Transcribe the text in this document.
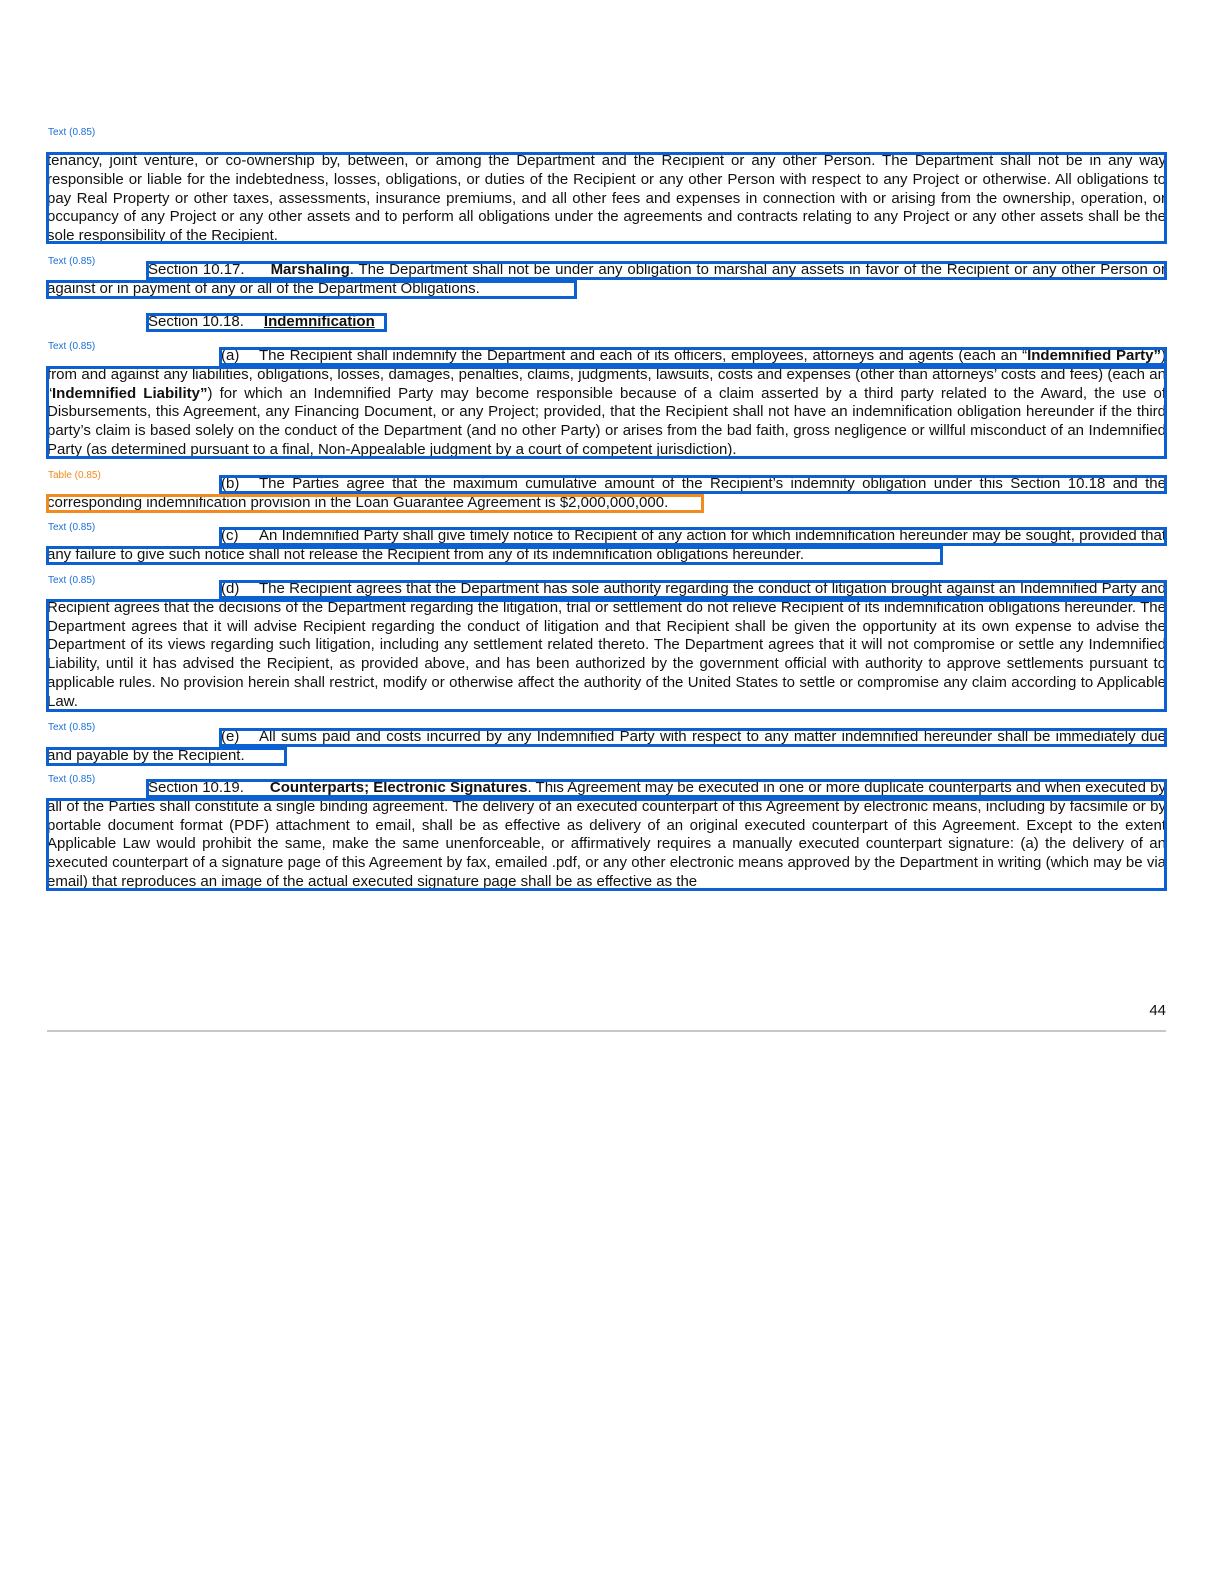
Text (0.85)

tenancy, joint venture, or co-ownership by, between, or among the Department and the Recipient or any other Person. The Department shall not be in any way responsible or liable for the indebtedness, losses, obligations, or duties of the Recipient or any other Person with respect to any Project or otherwise. All obligations to pay Real Property or other taxes, assessments, insurance premiums, and all other fees and expenses in connection with or arising from the ownership, operation, or occupancy of any Project or any other assets and to perform all obligations under the agreements and contracts relating to any Project or any other assets shall be the sole responsibility of the Recipient.

Text (0.85)	Section 10.17. Marshaling. The Department shall not be under any obligation to marshal any assets in favor of the Recipient or any other Person or against or in payment of any or all of the Department Obligations.

Section 10.18. Indemnification
Text (0.85)

(a) The Recipient shall indemnify the Department and each of its officers, employees, attorneys and agents (each an “Indemnified Party”) from and against any liabilities, obligations, losses, damages, penalties, claims, judgments, lawsuits, costs and expenses (other than attorneys’ costs and fees) (each an “Indemnified Liability”) for which an Indemnified Party may become responsible because of a claim asserted by a third party related to the Award, the use of Disbursements, this Agreement, any Financing Document, or any Project; provided, that the Recipient shall not have an indemnification obligation hereunder if the third party’s claim is based solely on the conduct of the Department (and no other Party) or arises from the bad faith, gross negligence or willful misconduct of an Indemnified Party (as determined pursuant to a final, Non-Appealable judgment by a court of competent jurisdiction).

Table (0.85)	(b) The Parties agree that the maximum cumulative amount of the Recipient’s indemnity obligation under this Section 10.18 and the corresponding indemnification provision in the Loan Guarantee Agreement is $2,000,000,000.

Text (0.85)	(c) An Indemnified Party shall give timely notice to Recipient of any action for which indemnification hereunder may be sought, provided that any failure to give such notice shall not release the Recipient from any of its indemnification obligations hereunder.

Text (0.85)	(d) The Recipient agrees that the Department has sole authority regarding the conduct of litigation brought against an Indemnified Party and Recipient agrees that the decisions of the Department regarding the litigation, trial or settlement do not relieve Recipient of its indemnification obligations hereunder. The Department agrees that it will advise Recipient regarding the conduct of litigation and that Recipient shall be given the opportunity at its own expense to advise the Department of its views regarding such litigation, including any settlement related thereto. The Department agrees that it will not compromise or settle any Indemnified Liability, until it has advised the Recipient, as provided above, and has been authorized by the government official with authority to approve settlements pursuant to applicable rules. No provision herein shall restrict, modify or otherwise affect the authority of the United States to settle or compromise any claim according to Applicable Law.

Text (0.85)

(e) All sums paid and costs incurred by any Indemnified Party with respect to any matter indemnified hereunder shall be immediately due and payable by the Recipient.

Text (0.85)	Section 10.19. Counterparts; Electronic Signatures. This Agreement may be executed in one or more duplicate counterparts and when executed by all of the Parties shall constitute a single binding agreement. The delivery of an executed counterpart of this Agreement by electronic means, including by facsimile or by portable document format (PDF) attachment to email, shall be as effective as delivery of an original executed counterpart of this Agreement. Except to the extent Applicable Law would prohibit the same, make the same unenforceable, or affirmatively requires a manually executed counterpart signature: (a) the delivery of an executed counterpart of a signature page of this Agreement by fax, emailed .pdf, or any other electronic means approved by the Department in writing (which may be via email) that reproduces an image of the actual executed signature page shall be as effective as the

44
